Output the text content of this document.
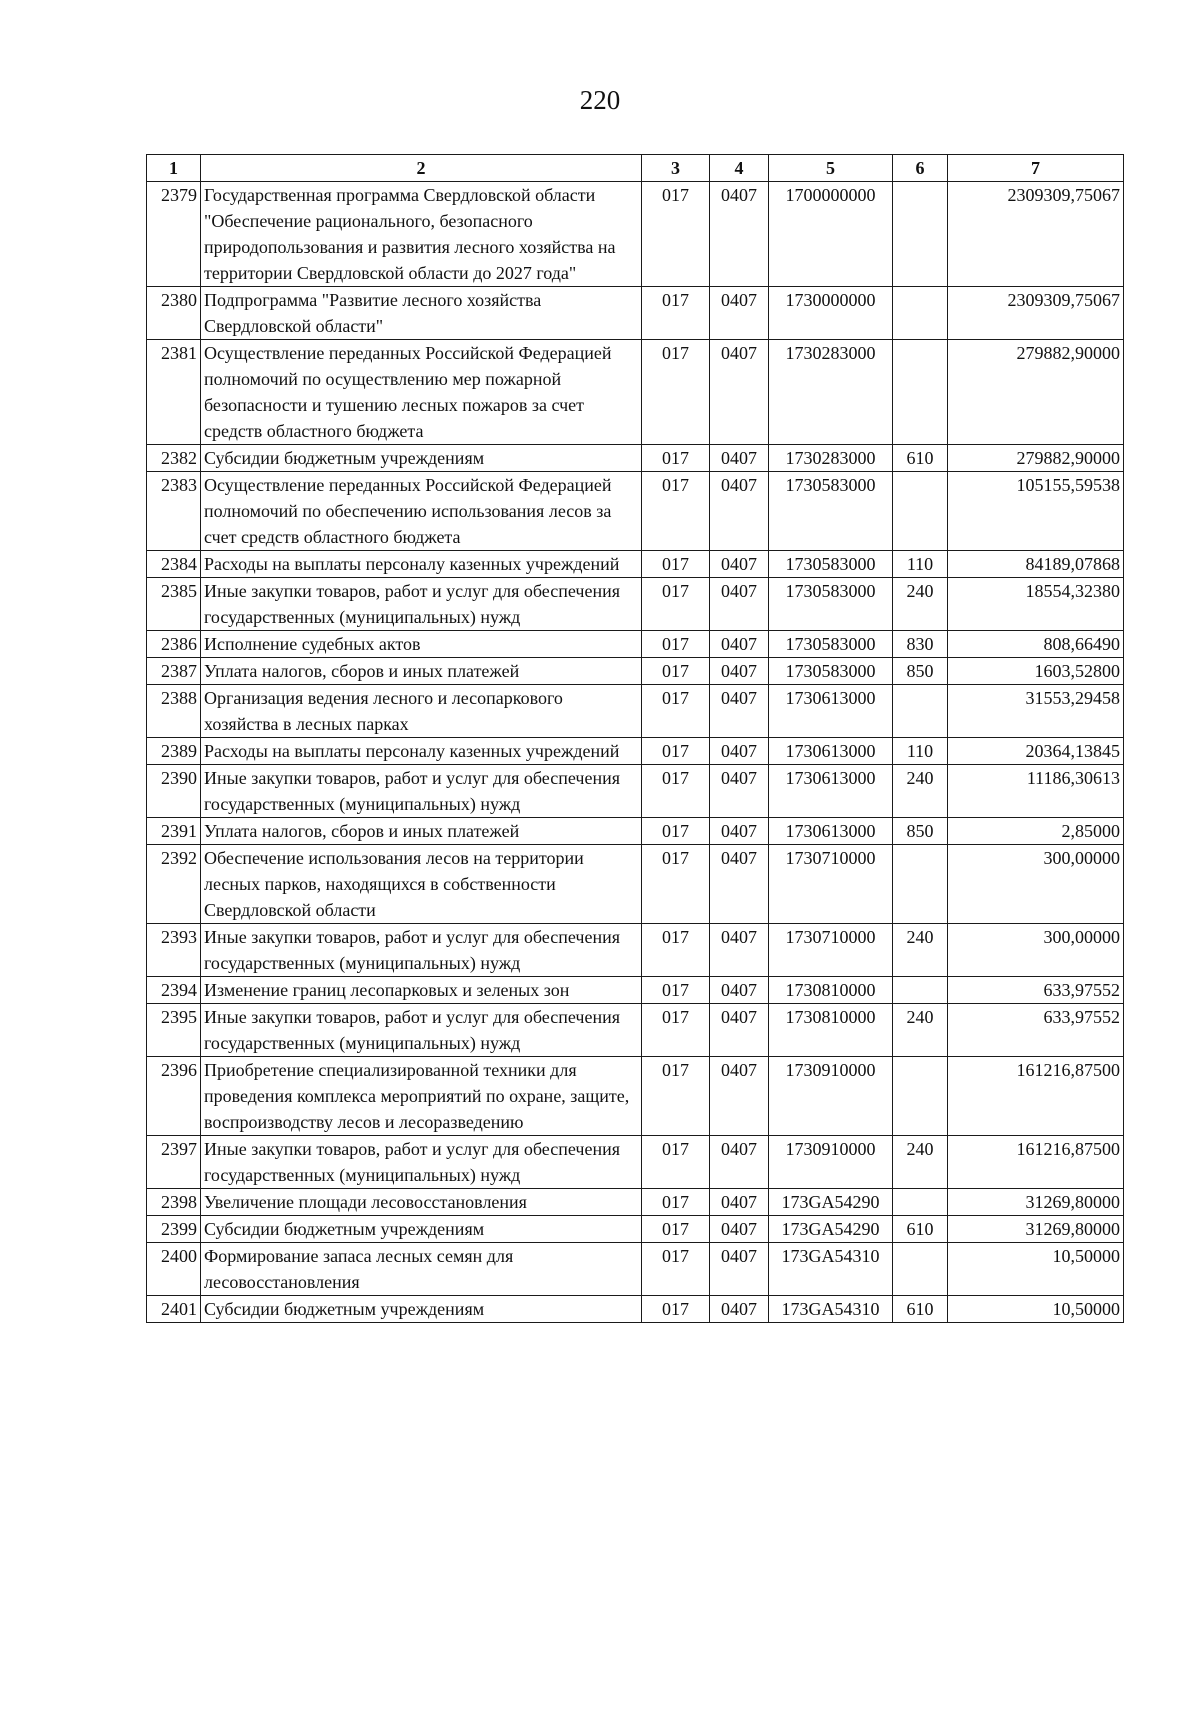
220
1	2	3	4	5	6	7
2379	Государственная программа Свердловской области "Обеспечение рационального, безопасного природопользования и развития лесного хозяйства на территории Свердловской области до 2027 года"	017	0407	1700000000		2309309,75067
2380	Подпрограмма "Развитие лесного хозяйства Свердловской области"	017	0407	1730000000		2309309,75067
2381	Осуществление переданных Российской Федерацией полномочий по осуществлению мер пожарной безопасности и тушению лесных пожаров за счет средств областного бюджета	017	0407	1730283000		279882,90000
2382	Субсидии бюджетным учреждениям	017	0407	1730283000	610	279882,90000
2383	Осуществление переданных Российской Федерацией полномочий по обеспечению использования лесов за счет средств областного бюджета	017	0407	1730583000		105155,59538
2384	Расходы на выплаты персоналу казенных учреждений	017	0407	1730583000	110	84189,07868
2385	Иные закупки товаров, работ и услуг для обеспечения государственных (муниципальных) нужд	017	0407	1730583000	240	18554,32380
2386	Исполнение судебных актов	017	0407	1730583000	830	808,66490
2387	Уплата налогов, сборов и иных платежей	017	0407	1730583000	850	1603,52800
2388	Организация ведения лесного и лесопаркового хозяйства в лесных парках	017	0407	1730613000		31553,29458
2389	Расходы на выплаты персоналу казенных учреждений	017	0407	1730613000	110	20364,13845
2390	Иные закупки товаров, работ и услуг для обеспечения государственных (муниципальных) нужд	017	0407	1730613000	240	11186,30613
2391	Уплата налогов, сборов и иных платежей	017	0407	1730613000	850	2,85000
2392	Обеспечение использования лесов на территории лесных парков, находящихся в собственности Свердловской области	017	0407	1730710000		300,00000
2393	Иные закупки товаров, работ и услуг для обеспечения государственных (муниципальных) нужд	017	0407	1730710000	240	300,00000
2394	Изменение границ лесопарковых и зеленых зон	017	0407	1730810000		633,97552
2395	Иные закупки товаров, работ и услуг для обеспечения государственных (муниципальных) нужд	017	0407	1730810000	240	633,97552
2396	Приобретение специализированной техники для проведения комплекса мероприятий по охране, защите, воспроизводству лесов и лесоразведению	017	0407	1730910000		161216,87500
2397	Иные закупки товаров, работ и услуг для обеспечения государственных (муниципальных) нужд	017	0407	1730910000	240	161216,87500
2398	Увеличение площади лесовосстановления	017	0407	173GA54290		31269,80000
2399	Субсидии бюджетным учреждениям	017	0407	173GA54290	610	31269,80000
2400	Формирование запаса лесных семян для лесовосстановления	017	0407	173GA54310		10,50000
2401	Субсидии бюджетным учреждениям	017	0407	173GA54310	610	10,50000
